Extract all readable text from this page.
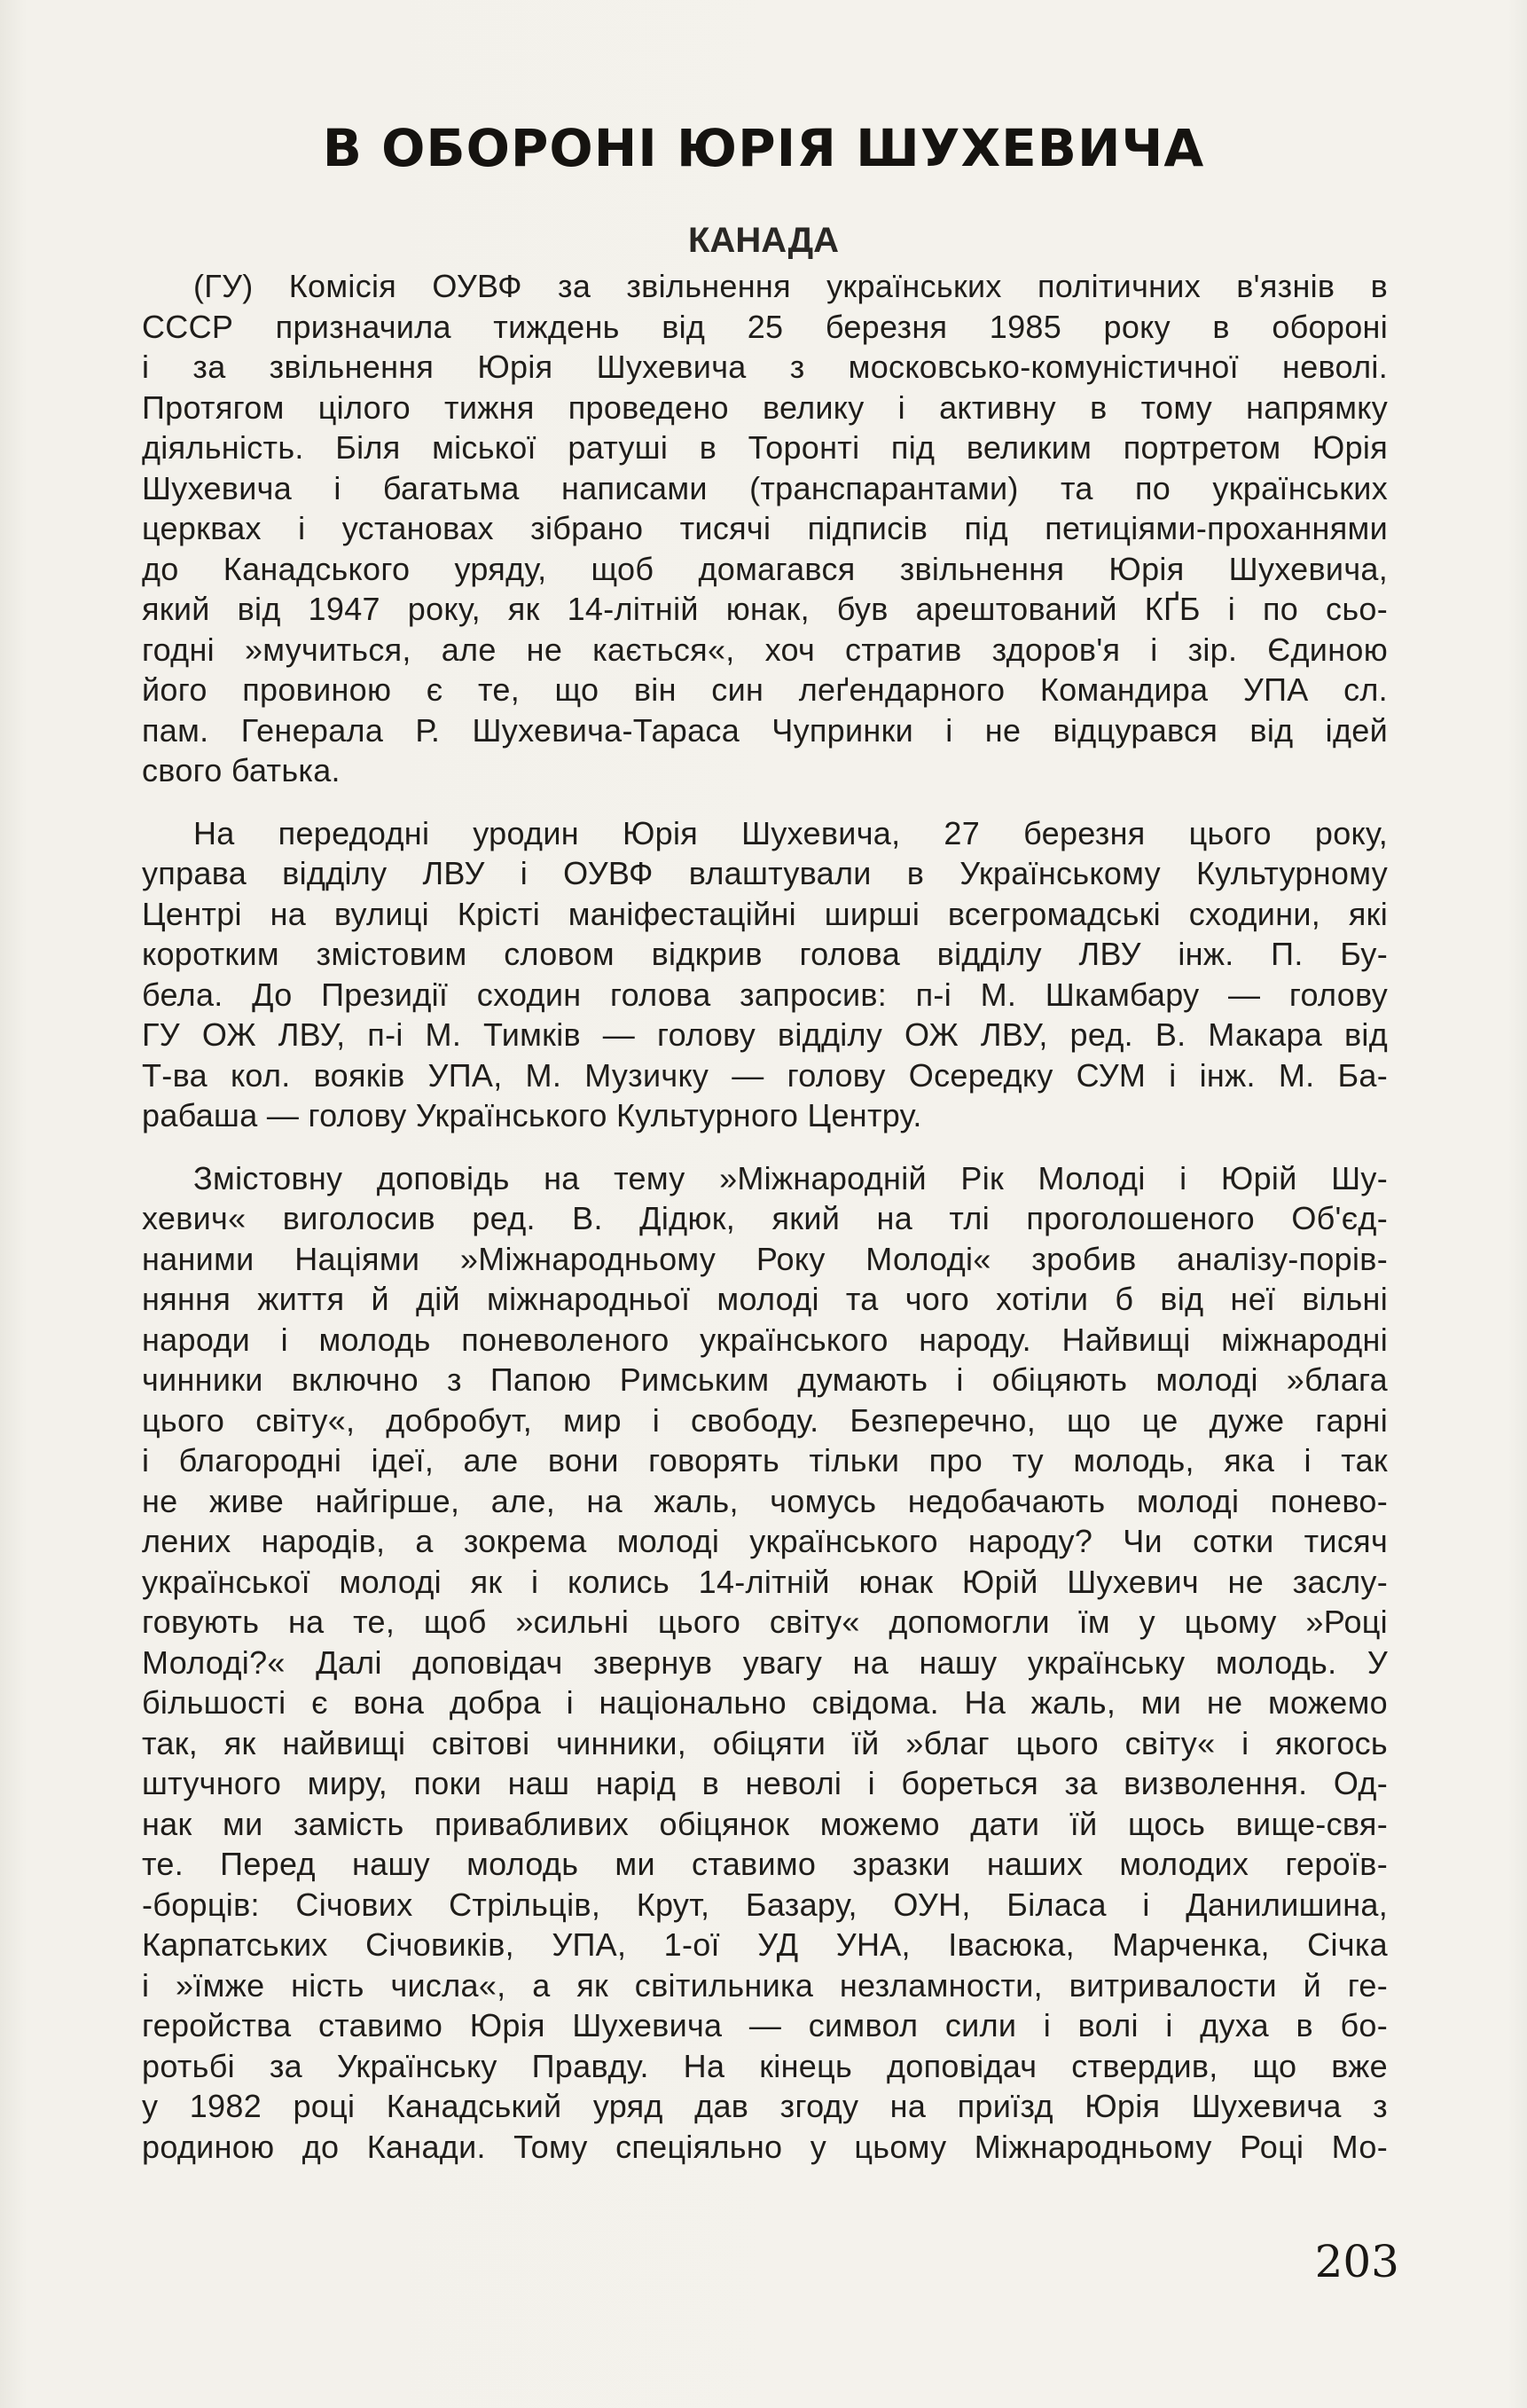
В ОБОРОНІ ЮРІЯ ШУХЕВИЧА
КАНАДА
(ГУ) Комісія ОУВФ за звільнення українських політичних в'язнів в
СССР призначила тиждень від 25 березня 1985 року в обороні
і за звільнення Юрія Шухевича з московсько-комуністичної неволі.
Протягом цілого тижня проведено велику і активну в тому напрямку
діяльність. Біля міської ратуші в Торонті під великим портретом Юрія
Шухевича і багатьма написами (транспарантами) та по українських
церквах і установах зібрано тисячі підписів під петиціями-проханнями
до Канадського уряду, щоб домагався звільнення Юрія Шухевича,
який від 1947 року, як 14-літній юнак, був арештований КҐБ і по сьо-
годні »мучиться, але не кається«, хоч стратив здоров'я і зір. Єдиною
його провиною є те, що він син леґендарного Командира УПА сл.
пам. Генерала Р. Шухевича-Тараса Чупринки і не відцурався від ідей
свого батька.
На передодні уродин Юрія Шухевича, 27 березня цього року,
управа відділу ЛВУ і ОУВФ влаштували в Українському Культурному
Центрі на вулиці Крісті маніфестаційні ширші всегромадські сходини, які
коротким змістовим словом відкрив голова відділу ЛВУ інж. П. Бу-
бела. До Президії сходин голова запросив: п-і М. Шкамбару — голову
ГУ ОЖ ЛВУ, п-і М. Тимків — голову відділу ОЖ ЛВУ, ред. В. Макара від
Т-ва кол. вояків УПА, М. Музичку — голову Осередку СУМ і інж. М. Ба-
рабаша — голову Українського Культурного Центру.
Змістовну доповідь на тему »Міжнародній Рік Молоді і Юрій Шу-
хевич« виголосив ред. В. Дідюк, який на тлі проголошеного Об'єд-
наними Націями »Міжнародньому Року Молоді« зробив аналізу-порів-
няння життя й дій міжнародньої молоді та чого хотіли б від неї вільні
народи і молодь поневоленого українського народу. Найвищі міжнародні
чинники включно з Папою Римським думають і обіцяють молоді »блага
цього світу«, добробут, мир і свободу. Безперечно, що це дуже гарні
і благородні ідеї, але вони говорять тільки про ту молодь, яка і так
не живе найгірше, але, на жаль, чомусь недобачають молоді понево-
лених народів, а зокрема молоді українського народу? Чи сотки тисяч
української молоді як і колись 14-літній юнак Юрій Шухевич не заслу-
говують на те, щоб »сильні цього світу« допомогли їм у цьому »Році
Молоді?« Далі доповідач звернув увагу на нашу українську молодь. У
більшості є вона добра і національно свідома. На жаль, ми не можемо
так, як найвищі світові чинники, обіцяти їй »благ цього світу« і якогось
штучного миру, поки наш нарід в неволі і бореться за визволення. Од-
нак ми замість привабливих обіцянок можемо дати їй щось вище-свя-
те. Перед нашу молодь ми ставимо зразки наших молодих героїв-
-борців: Січових Стрільців, Крут, Базару, ОУН, Біласа і Данилишина,
Карпатських Січовиків, УПА, 1-ої УД УНА, Івасюка, Марченка, Січка
і »їмже ність числа«, а як світильника незламности, витривалости й ге-
геройства ставимо Юрія Шухевича — символ сили і волі і духа в бо-
ротьбі за Українську Правду. На кінець доповідач ствердив, що вже
у 1982 році Канадський уряд дав згоду на приїзд Юрія Шухевича з
родиною до Канади. Тому спеціяльно у цьому Міжнародньому Році Мо-
203
